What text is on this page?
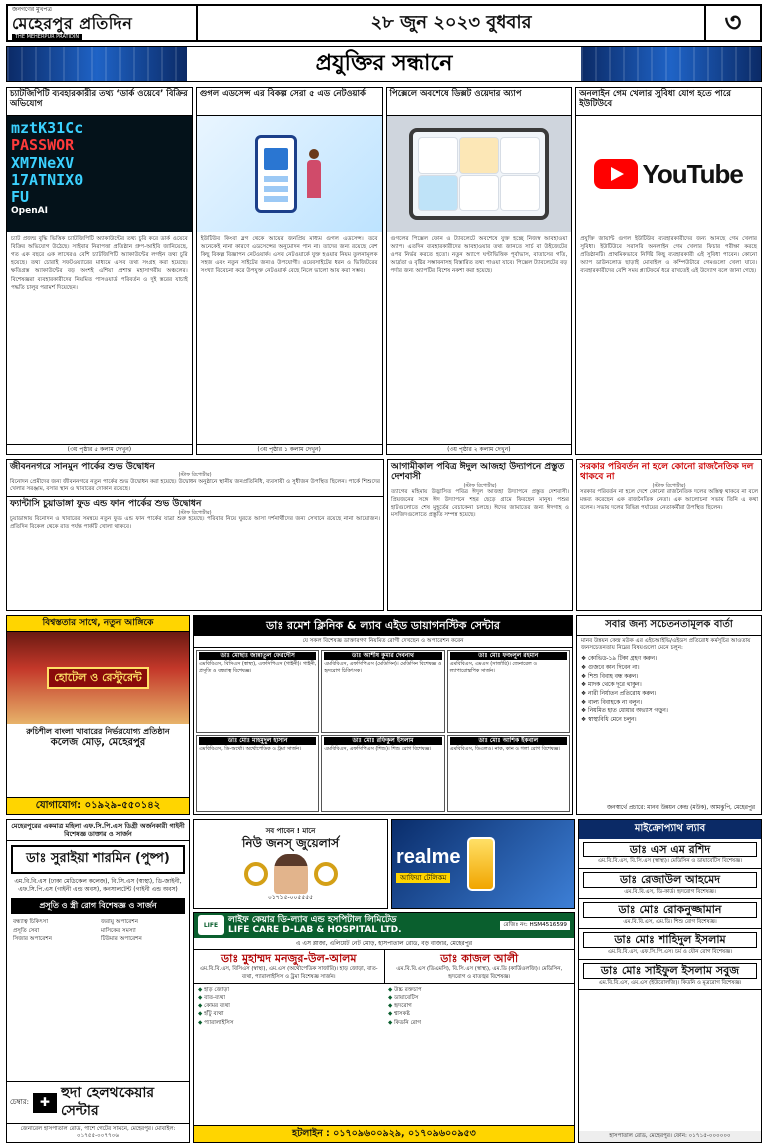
জনগণের মুখপত্র
মেহেরপুর প্রতিদিন
THE MEHERPUR PRATIDIN
২৮ জুন ২০২৩ বুধবার	৩
প্রযুক্তির সন্ধানে
চ্যাটজিপিটি ব্যবহারকারীর তথ্য ‘ডার্ক ওয়েবে’ বিক্রির অভিযোগ
mztK31Cc
PASSWOR
XM7NeXV
17ATNIX0
FU
OpenAI
চ্যাট প্রজন্ম বুদ্ধি ভিত্তিক চ্যাটজিপিটি অ্যাকাউন্টের তথ্য চুরি করে ডার্ক ওয়েবে বিক্রির অভিযোগ উঠেছে। সাইবার নিরাপত্তা প্রতিষ্ঠান গ্রুপ-আইবি জানিয়েছে, গত এক বছরে এক লাখেরও বেশি চ্যাটজিপিটি অ্যাকাউন্টের লগইন তথ্য চুরি হয়েছে। তথ্য চোরাই সফটওয়্যারের মাধ্যমে এসব তথ্য সংগ্রহ করা হয়েছে। ক্ষতিগ্রস্ত অ্যাকাউন্টের বড় অংশই এশিয়া প্রশান্ত মহাসাগরীয় অঞ্চলের। বিশেষজ্ঞরা ব্যবহারকারীদের নিয়মিত পাসওয়ার্ড পরিবর্তন ও দুই স্তরের যাচাই পদ্ধতি চালুর পরামর্শ দিয়েছেন।
(৩য় পৃষ্ঠার ৫ কলাম দেখুন)
গুগল এডসেন্স এর বিকল্প সেরা ৫ এড নেটওয়ার্ক
ইউটিউব কিংবা ব্লগ থেকে আয়ের জনপ্রিয় মাধ্যম গুগল এডসেন্স। তবে অনেকেই নানা কারণে এডসেন্সের অনুমোদন পান না। তাদের জন্য রয়েছে বেশ কিছু বিকল্প বিজ্ঞাপন নেটওয়ার্ক। এসব নেটওয়ার্কে যুক্ত হওয়ার নিয়ম তুলনামূলক সহজ এবং নতুন সাইটের জন্যও উপযোগী। ওয়েবসাইটের ধরন ও ভিজিটরের সংখ্যা বিবেচনা করে উপযুক্ত নেটওয়ার্ক বেছে নিলে ভালো আয় করা সম্ভব।
(৩য় পৃষ্ঠার ১ কলাম দেখুন)
পিক্সেলে অবশেষে ডিক্সট ওয়েদার অ্যাপ
গুগলের পিক্সেল ফোন ও ট্যাবলেটে অবশেষে যুক্ত হচ্ছে নিজস্ব আবহাওয়া অ্যাপ। এতদিন ব্যবহারকারীদের আবহাওয়ার তথ্য জানতে সার্চ বা উইজেটের ওপর নির্ভর করতে হতো। নতুন অ্যাপে ঘণ্টাভিত্তিক পূর্বাভাস, বাতাসের গতি, আর্দ্রতা ও বৃষ্টির সম্ভাবনাসহ বিস্তারিত তথ্য পাওয়া যাবে। পিক্সেল ট্যাবলেটের বড় পর্দার জন্য অ্যাপটির বিশেষ নকশা করা হয়েছে।
(৩য় পৃষ্ঠার ২ কলাম দেখুন)
অনলাইন গেম খেলার সুবিধা যোগ হতে পারে ইউটিউবে
YouTube
প্রযুক্তি জায়ান্ট গুগল ইউটিউব ব্যবহারকারীদের জন্য আনছে গেম খেলার সুবিধা। ইউটিউবে সরাসরি অনলাইন গেম খেলার ফিচার পরীক্ষা করছে প্রতিষ্ঠানটি। প্রাথমিকভাবে নির্দিষ্ট কিছু ব্যবহারকারী এই সুবিধা পাবেন। কোনো অ্যাপ ডাউনলোড ছাড়াই মোবাইল ও কম্পিউটারে গেমগুলো খেলা যাবে। ব্যবহারকারীদের বেশি সময় প্ল্যাটফর্মে ধরে রাখতেই এই উদ্যোগ বলে জানা গেছে।
জীবননগরে সানমুন পার্কের শুভ উদ্বোধন
(স্টাফ রিপোর্টার)
বিনোদন প্রেমীদের জন্য জীবননগরে নতুন পার্কের শুভ উদ্বোধন করা হয়েছে। উদ্বোধন অনুষ্ঠানে স্থানীয় জনপ্রতিনিধি, ব্যবসায়ী ও সুধীজন উপস্থিত ছিলেন। পার্কে শিশুদের খেলার সরঞ্জাম, বসার স্থান ও খাবারের দোকান রয়েছে।
ফ্যান্টাসি চুয়াডাঙ্গা ফুড এন্ড ফান পার্কের শুভ উদ্বোধন
(স্টাফ রিপোর্টার)
চুয়াডাঙ্গায় বিনোদন ও খাবারের সমন্বয়ে নতুন ফুড এন্ড ফান পার্কের যাত্রা শুরু হয়েছে। পরিবার নিয়ে ঘুরতে আসা দর্শনার্থীদের জন্য সেখানে রয়েছে নানা আয়োজন। প্রতিদিন বিকেল থেকে রাত পর্যন্ত পার্কটি খোলা থাকবে।
আগামীকাল পবিত্র ঈদুল আজহা উদ্যাপনে প্রস্তুত দেশবাসী
(স্টাফ রিপোর্টার)
ত্যাগের মহিমায় উদ্ভাসিত পবিত্র ঈদুল আজহা উদ্যাপনে প্রস্তুত দেশবাসী। প্রিয়জনের সঙ্গে ঈদ উদ্যাপনে শহর ছেড়ে গ্রামে ফিরছেন মানুষ। পশুর হাটগুলোতে শেষ মুহূর্তের বেচাকেনা চলছে। ঈদের জামাতের জন্য ঈদগাহ ও মসজিদগুলোতে প্রস্তুতি সম্পন্ন হয়েছে।
সরকার পরিবর্তন না হলে কোনো রাজনৈতিক দল থাকবে না
(স্টাফ রিপোর্টার)
সরকার পরিবর্তন না হলে দেশে কোনো রাজনৈতিক দলের অস্তিত্ব থাকবে না বলে মন্তব্য করেছেন এক রাজনৈতিক নেতা। এক আলোচনা সভায় তিনি এ কথা বলেন। সভায় দলের বিভিন্ন পর্যায়ের নেতাকর্মীরা উপস্থিত ছিলেন।
বিশ্বস্ততার সাথে, নতুন আঙ্গিকে
হোটেল ও রেস্টুরেন্ট
রুচিশীল বাংলা খাবারের নির্ভরযোগ্য প্রতিষ্ঠান
কলেজ মোড়, মেহেরপুর
যোগাযোগ: ০১৯২৯-৫৫০১৪২
ডাঃ রমেশ ক্লিনিক & ল্যাব এইড ডায়াগনস্টিক সেন্টার
যে সকল বিশেষজ্ঞ ডাক্তারগণ নিয়মিত রোগী দেখছেন ও অপারেশন করেন
ডাঃ মোছাঃ জান্নাতুল ফেরদৌস
এমবিবিএস, বিসিএস (স্বাস্থ্য), এফসিপিএস (গাইনী)। গাইনী, প্রসূতি ও বন্ধ্যাত্ব বিশেষজ্ঞ।
ডাঃ আশীষ কুমার দেবনাথ
এমবিবিএস, এফসিপিএস (মেডিসিন)। মেডিসিন বিশেষজ্ঞ ও হৃদরোগ চিকিৎসক।
ডাঃ মোঃ ফজলুল রহমান
এমবিবিএস, এমএস (সার্জারি)। জেনারেল ও ল্যাপারোস্কপিক সার্জন।
ডাঃ মোঃ মাহমুদুল হাসান
এমবিবিএস, ডি-অর্থো। অর্থোপেডিক ও ট্রমা সার্জন।
ডাঃ মোঃ রফিকুল ইসলাম
এমবিবিএস, এফসিপিএস (শিশু)। শিশু রোগ বিশেষজ্ঞ।
ডাঃ মোঃ আশিক ইকবাল
এমবিবিএস, ডিএলও। নাক, কান ও গলা রোগ বিশেষজ্ঞ।
সবার জন্য সচেতনতামূলক বার্তা
মানব উন্নয়ন কেন্দ্র মউক এর এইচআইভি/এইডস প্রতিরোধ কর্মসূচির আওতায় জনসচেতনতায় নিম্নের বিষয়গুলো মেনে চলুন:
❖ কোভিড-১৯ টিকা গ্রহণ করুন।
❖ গুজবে কান দিবেন না।
❖ শিশু বিবাহ বন্ধ করুন।
❖ মাদক থেকে দূরে থাকুন।
❖ নারী নির্যাতন প্রতিরোধ করুন।
❖ বাল্য বিবাহকে না বলুন।
❖ নিয়মিত হাত ধোয়ার অভ্যাস গড়ুন।
❖ স্বাস্থ্যবিধি মেনে চলুন।
জনস্বার্থে প্রচারে: মানব উন্নয়ন কেন্দ্র (মউক), আমঝুপি, মেহেরপুর
মেহেরপুরের একমাত্র মহিলা এফ.সি.পি.এস ডিগ্রী অর্জনকারী গাইনী বিশেষজ্ঞ ডাক্তার ও সার্জন
ডাঃ সুরাইয়া শারমিন (পুষ্প)
এম.বি.বি.এস (ঢাকা মেডিকেল কলেজ), বি.সি.এস (স্বাস্থ্য), ডি-জাইনী, এফ.সি.পি.এস (গাইনী এন্ড অবস), কনসালটেন্ট (গাইনী এন্ড অবস)
প্রসূতি ও স্ত্রী রোগ বিশেষজ্ঞ ও সার্জন
বন্ধ্যাত্ব চিকিৎসা
প্রসূতি সেবা
সিজার অপারেশন
জরায়ু অপারেশন
মাসিকের সমস্যা
টিউমার অপারেশন
চেম্বার: ✚
হুদা হেলথকেয়ার সেন্টার
জেনারেল হাসপাতাল রোড, পাশে গেটের সামনে, মেহেরপুর। মোবাইল: ০১৭৫৫-০০৭৭০৬
সব পাবেন ! মানে
নিউ জনস্ জুয়েলার্স
০১৭১৫-০০৫৫৫৫
realme
আফিয়া টেলিকম
LIFE
লাইফ কেয়ার ডি-ল্যাব এন্ড হসপিটাল লিমিটেড
LIFE CARE D-LAB & HOSPITAL LTD.
রেজিঃ নং: HSM4516599
এ এস প্লাজা, এলিয়েট নেট মোড়, হাসপাতাল রোড, বড় বাজার, মেহেরপুর
ডাঃ মুহাম্মদ মনজুর-উল-আলম
এম.বি.বি.এস, বিসিএস (স্বাস্থ্য), এম.এস (অর্থোপেডিক সার্জারি)। হাড় জোড়া, বাত-ব্যথা, প্যারালাইসিস ও ট্রমা বিশেষজ্ঞ সার্জন।
ডাঃ কাজল আলী
এম.বি.বি.এস (ডিএমসি), বি.সি.এস (স্বাস্থ্য), এম.ডি (কার্ডিওলজি)। মেডিসিন, হৃদরোগ ও বাতজ্বর বিশেষজ্ঞ।
◆ হাড় জোড়া
◆ বাত-ব্যথা
◆ কোমর ব্যথা
◆ হাঁটু ব্যথা
◆ প্যারালাইসিস
◆ উচ্চ রক্তচাপ
◆ ডায়াবেটিস
◆ হৃদরোগ
◆ শ্বাসকষ্ট
◆ কিডনি রোগ
হটলাইন : ০১৭০৯৬০০৯২৯, ০১৭০৯৬০০৯৫৩
মাইক্রোপ্যাথ ল্যাব
ডাঃ এস এম রশিদ
এম.বি.বি.এস, বি.সি.এস (স্বাস্থ্য)। মেডিসিন ও ডায়াবেটিস বিশেষজ্ঞ।
ডাঃ রেজাউল আহমেদ
এম.বি.বি.এস, ডি-কার্ড। হৃদরোগ বিশেষজ্ঞ।
ডাঃ মোঃ রোকনুজ্জামান
এম.বি.বি.এস, এম.ডি। শিশু রোগ বিশেষজ্ঞ।
ডাঃ মোঃ শাহিদুল ইসলাম
এম.বি.বি.এস, এফ.সি.পি.এস। চর্ম ও যৌন রোগ বিশেষজ্ঞ।
ডাঃ মোঃ সাইফুল ইসলাম সবুজ
এম.বি.বি.এস, এম.এস (ইউরোলজি)। কিডনি ও মূত্ররোগ বিশেষজ্ঞ।
হাসপাতাল রোড, মেহেরপুর। ফোন: ০১৭১৫-০০০০০০
